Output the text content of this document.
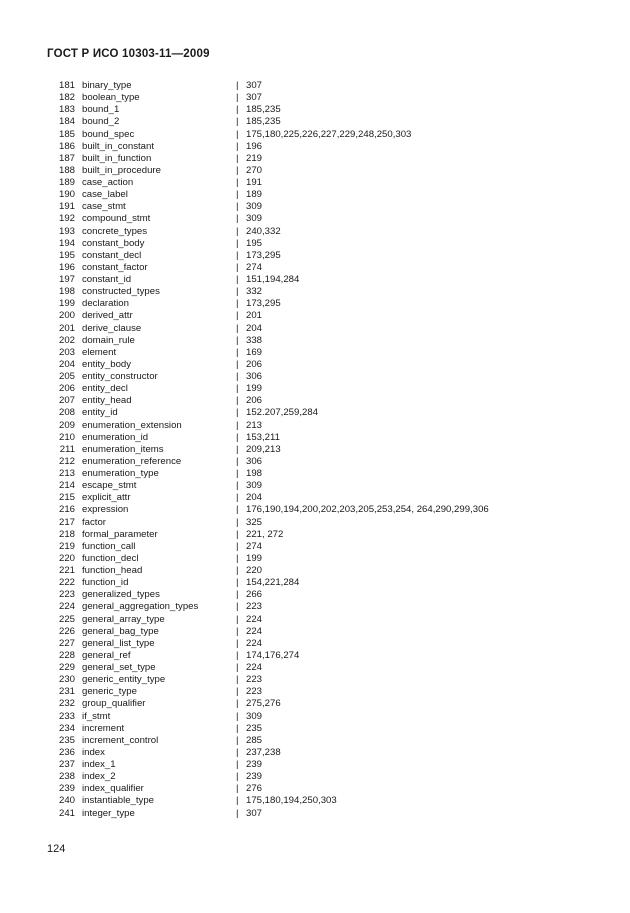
ГОСТ Р ИСО 10303-11—2009
181 binary_type	| 307
182 boolean_type	| 307
183 bound_1	| 185,235
184 bound_2	| 185,235
185 bound_spec	| 175,180,225,226,227,229,248,250,303
186 built_in_constant	| 196
187 built_in_function	| 219
188 built_in_procedure	| 270
189 case_action	| 191
190 case_label	| 189
191 case_stmt	| 309
192 compound_stmt	| 309
193 concrete_types	| 240,332
194 constant_body	| 195
195 constant_decl	| 173,295
196 constant_factor	| 274
197 constant_id	| 151,194,284
198 constructed_types	| 332
199 declaration	| 173,295
200 derived_attr	| 201
201 derive_clause	| 204
202 domain_rule	| 338
203 element	| 169
204 entity_body	| 206
205 entity_constructor	| 306
206 entity_decl	| 199
207 entity_head	| 206
208 entity_id	| 152.207,259,284
209 enumeration_extension	| 213
210 enumeration_id	| 153,211
211 enumeration_items	| 209,213
212 enumeration_reference	| 306
213 enumeration_type	| 198
214 escape_stmt	| 309
215 explicit_attr	| 204
216 expression	| 176,190,194,200,202,203,205,253,254, 264,290,299,306
217 factor	| 325
218 formal_parameter	| 221, 272
219 function_call	| 274
220 function_decl	| 199
221 function_head	| 220
222 function_id	| 154,221,284
223 generalized_types	| 266
224 general_aggregation_types	| 223
225 general_array_type	| 224
226 general_bag_type	| 224
227 general_list_type	| 224
228 general_ref	| 174,176,274
229 general_set_type	| 224
230 generic_entity_type	| 223
231 generic_type	| 223
232 group_qualifier	| 275,276
233 if_stmt	| 309
234 increment	| 235
235 increment_control	| 285
236 index	| 237,238
237 index_1	| 239
238 index_2	| 239
239 index_qualifier	| 276
240 instantiable_type	| 175,180,194,250,303
241 integer_type	| 307
124
